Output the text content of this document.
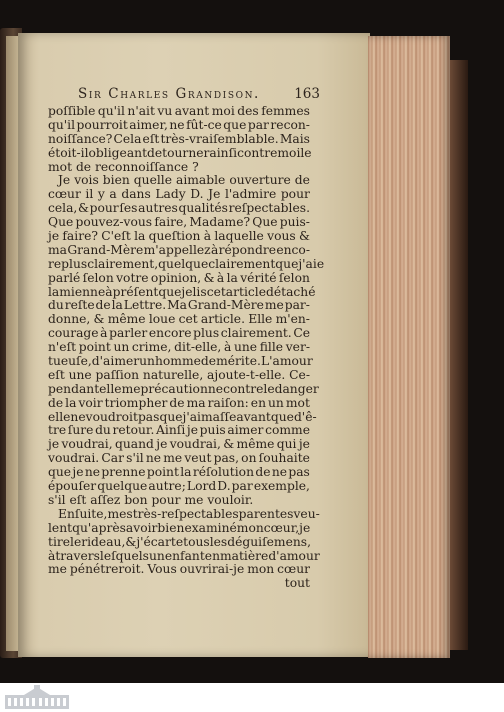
Sir Charles Grandison.	163
poſſible qu'il n'ait vu avant moi des femmes
qu'il pourroit aimer, ne fût-ce que par recon-
noiſſance? Cela eſt très-vraiſemblable. Mais
étoit-il obligeant de tourner ainſi contre moi le
mot
de
reconnoiſſance
?

Je vois bien quelle aimable ouverture de
cœur il y a dans Lady D. Je l'admire pour
cela, & pour ſes autres qualités reſpectables.
Que pouvez-vous faire, Madame? Que puis-
je faire? C'eſt la queſtion à laquelle vous &
ma Grand-Mère m'appellez à répondre enco-
re plus clairement, quelque clairement que j'aie
parlé ſelon votre opinion, & à la vérité ſelon
la mienne à préſent que je lis cet article détaché
du reſte de la Lettre. Ma Grand-Mère me par-
donne, & même loue cet article. Elle m'en-
courage à parler encore plus clairement. Ce
n'eſt point un crime, dit-elle, à une fille ver-
tueuſe, d'aimer un homme de mérite. L'amour
eſt une paſſion naturelle, ajoute-t-elle. Ce-
pendant elle me précautionne contre le danger
de la voir triompher de ma raiſon: en un mot
elle ne voudroit pas que j'aimaſſe avant que d'ê-
tre ſure du retour. Ainſi je puis aimer comme
je voudrai, quand je voudrai, & même qui je
voudrai. Car s'il ne me veut pas, on ſouhaite
que je ne prenne point la réſolution de ne pas
épouſer quelque autre; Lord D. par exemple,
s'il
eſt
aſſez
bon
pour
me
vouloir.

Enſuite, mes très-reſpectables parentes veu-
lent qu'après avoir bien examiné mon cœur, je
tire le rideau, & j'écarte tous les déguiſemens,
à travers leſquels un enfant en matière d'amour
me pénétreroit. Vous ouvrirai-je mon cœur
tout
